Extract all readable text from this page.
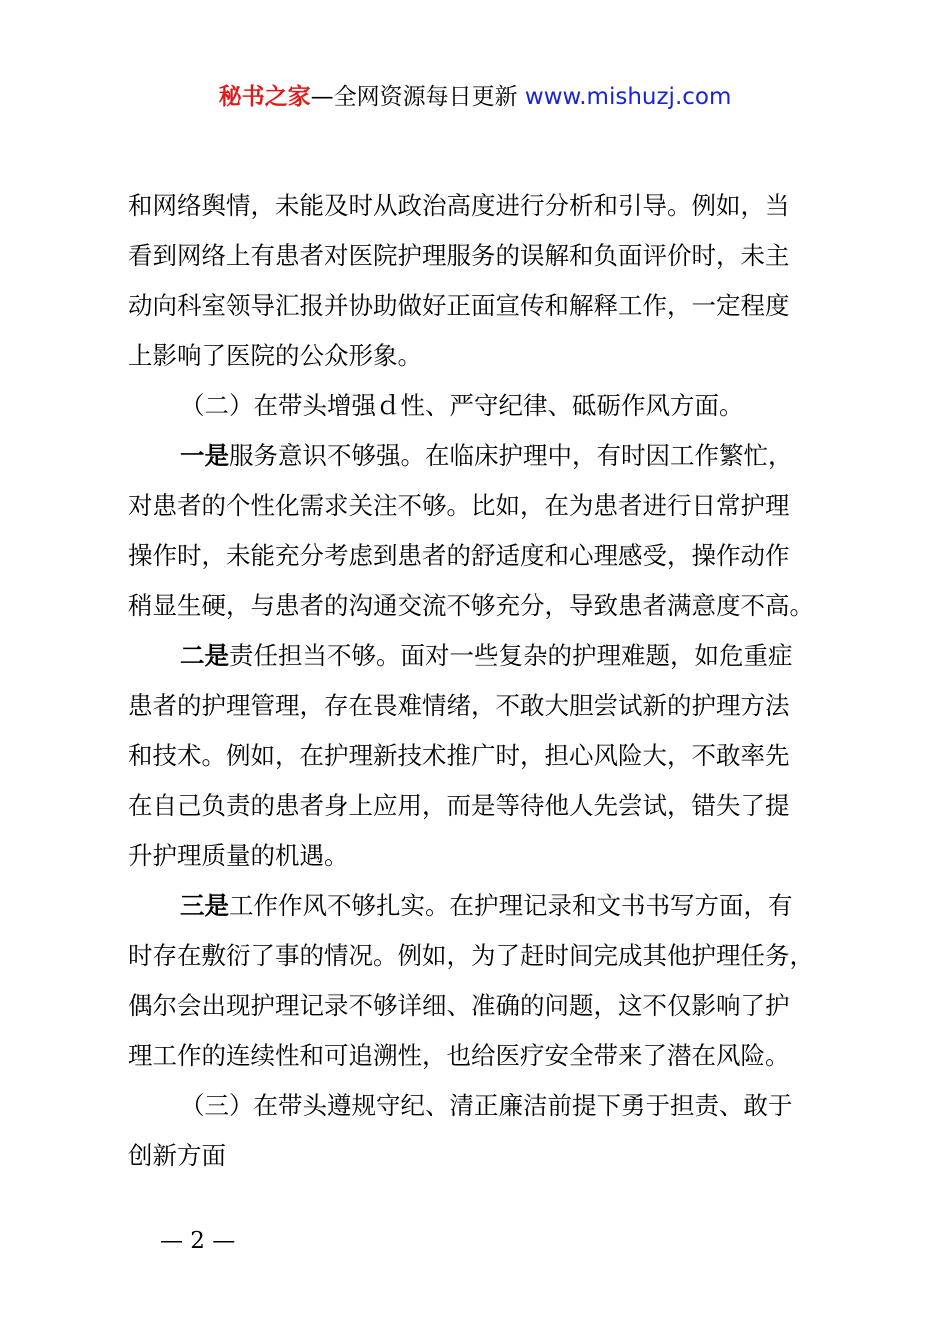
秘书之家—全网资源每日更新 www.mishuzj.com
和网络舆情，未能及时从政治高度进行分析和引导。例如，当
看到网络上有患者对医院护理服务的误解和负面评价时，未主
动向科室领导汇报并协助做好正面宣传和解释工作，一定程度
上影响了医院的公众形象。
（二）在带头增强ｄ性、严守纪律、砥砺作风方面。
一是服务意识不够强。在临床护理中，有时因工作繁忙，
对患者的个性化需求关注不够。比如，在为患者进行日常护理
操作时，未能充分考虑到患者的舒适度和心理感受，操作动作
稍显生硬，与患者的沟通交流不够充分，导致患者满意度不高。
二是责任担当不够。面对一些复杂的护理难题，如危重症
患者的护理管理，存在畏难情绪，不敢大胆尝试新的护理方法
和技术。例如，在护理新技术推广时，担心风险大，不敢率先
在自己负责的患者身上应用，而是等待他人先尝试，错失了提
升护理质量的机遇。
三是工作作风不够扎实。在护理记录和文书书写方面，有
时存在敷衍了事的情况。例如，为了赶时间完成其他护理任务，
偶尔会出现护理记录不够详细、准确的问题，这不仅影响了护
理工作的连续性和可追溯性，也给医疗安全带来了潜在风险。
（三）在带头遵规守纪、清正廉洁前提下勇于担责、敢于
创新方面
— 2 —
